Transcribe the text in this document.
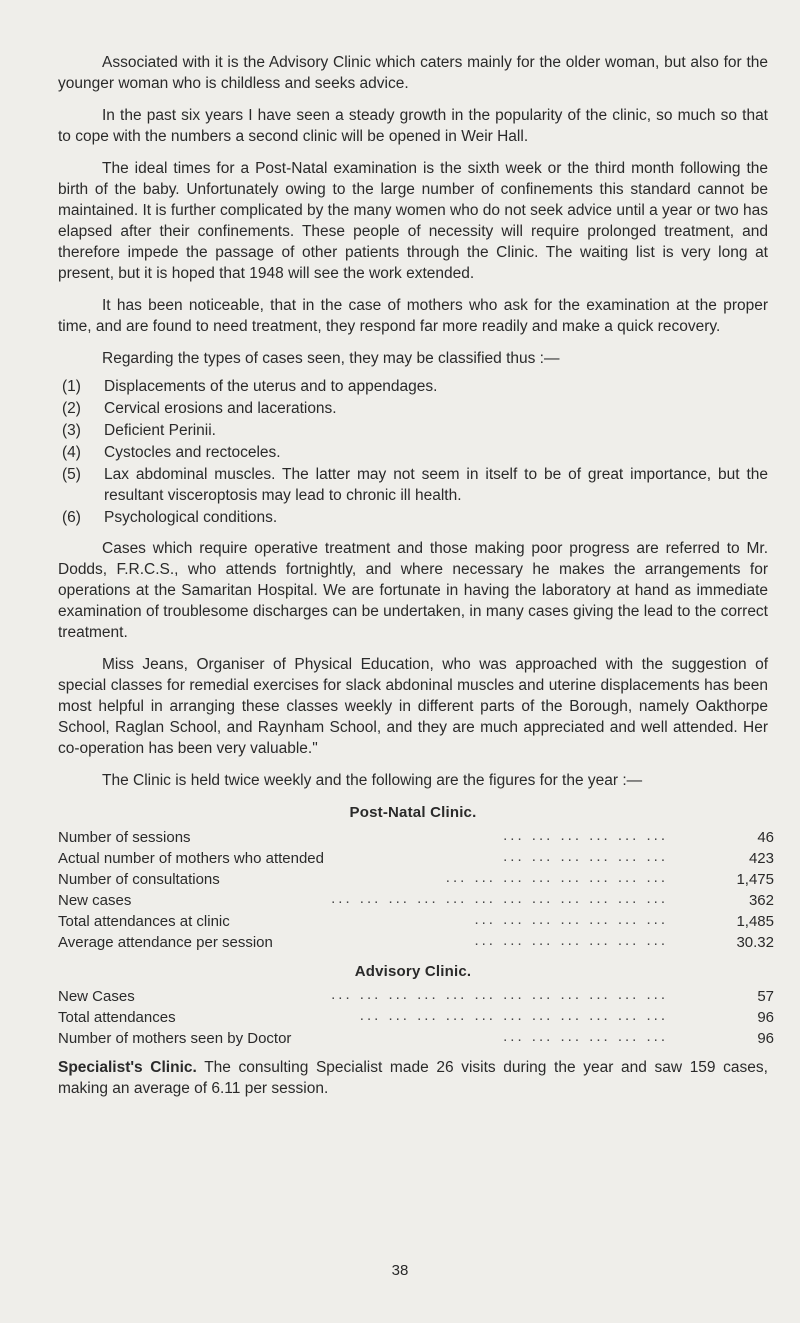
Associated with it is the Advisory Clinic which caters mainly for the older woman, but also for the younger woman who is childless and seeks advice.

In the past six years I have seen a steady growth in the popularity of the clinic, so much so that to cope with the numbers a second clinic will be opened in Weir Hall.

The ideal times for a Post-Natal examination is the sixth week or the third month following the birth of the baby. Unfortunately owing to the large number of confinements this standard cannot be maintained. It is further complicated by the many women who do not seek advice until a year or two has elapsed after their confinements. These people of necessity will require prolonged treatment, and therefore impede the passage of other patients through the Clinic. The waiting list is very long at present, but it is hoped that 1948 will see the work extended.

It has been noticeable, that in the case of mothers who ask for the examination at the proper time, and are found to need treatment, they respond far more readily and make a quick recovery.

Regarding the types of cases seen, they may be classified thus :—

(1)	Displacements of the uterus and to appendages.
(2)	Cervical erosions and lacerations.
(3)	Deficient Perinii.
(4)	Cystocles and rectoceles.
(5)	Lax abdominal muscles. The latter may not seem in itself to be of great importance, but the resultant visceroptosis may lead to chronic ill health.
(6)	Psychological conditions.

Cases which require operative treatment and those making poor progress are referred to Mr. Dodds, F.R.C.S., who attends fortnightly, and where necessary he makes the arrangements for operations at the Samaritan Hospital. We are fortunate in having the laboratory at hand as immediate examination of troublesome discharges can be undertaken, in many cases giving the lead to the correct treatment.

Miss Jeans, Organiser of Physical Education, who was approached with the suggestion of special classes for remedial exercises for slack abdoninal muscles and uterine displacements has been most helpful in arranging these classes weekly in different parts of the Borough, namely Oakthorpe School, Raglan School, and Raynham School, and they are much appreciated and well attended. Her co-operation has been very valuable."

The Clinic is held twice weekly and the following are the figures for the year :—

Post-Natal Clinic.
Number of sessions ... ... ... ... ... ...	46
Actual number of mothers who attended ... ... ... ... ... ...	423
Number of consultations ... ... ... ... ... ... ... ...	1,475
New cases ... ... ... ... ... ... ... ... ... ... ... ...	362
Total attendances at clinic ... ... ... ... ... ... ...	1,485
Average attendance per session ... ... ... ... ... ... ...	30.32
Advisory Clinic.
New Cases ... ... ... ... ... ... ... ... ... ... ... ...	57
Total attendances ... ... ... ... ... ... ... ... ... ... ...	96
Number of mothers seen by Doctor ... ... ... ... ... ...	96

Specialist's Clinic. The consulting Specialist made 26 visits during the year and saw 159 cases, making an average of 6.11 per session.

38
